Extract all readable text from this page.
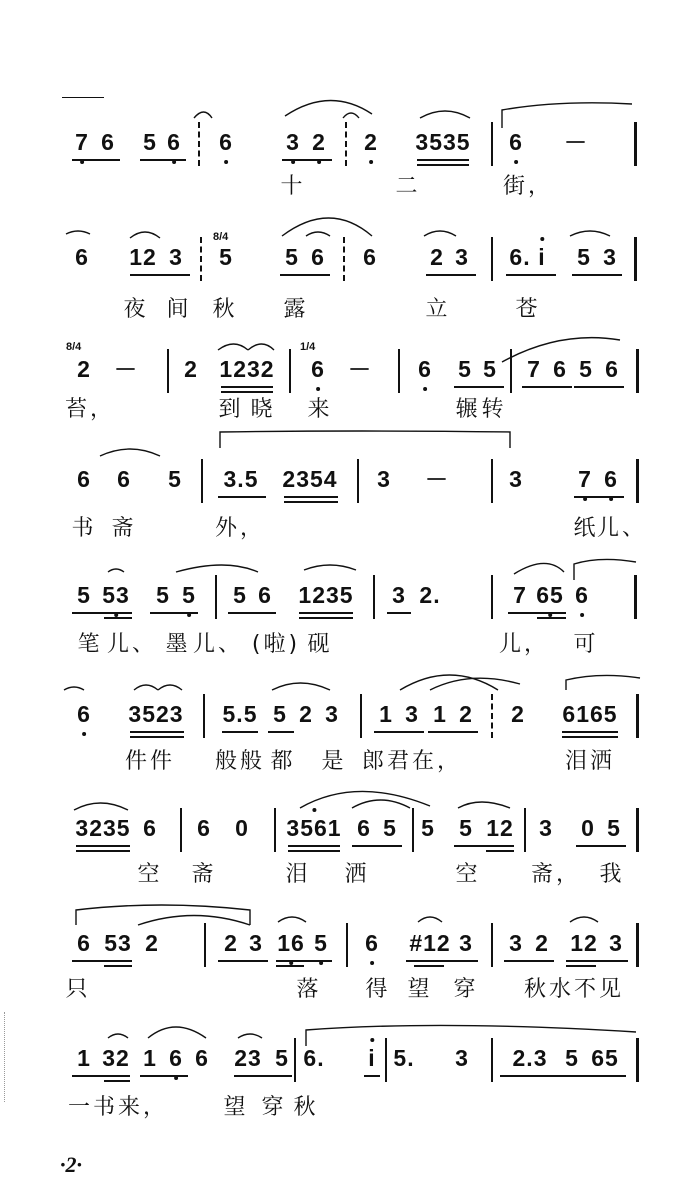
7 6 5 6 6 3 2 2 3535 6 －
十	二	街，
6 12 3 5 5 6 6 2 3 6. i 5 3
8/4
夜 间 秋 露	立	苍
2 － 2 1232 6 － 6 5 5 7 6 5 6
8/4	1/4
苔，	到 晓 来	辗 转
6 6 5 3.5 2354 3 －	3 7 6
书 斋	外，	纸
儿、
5 53 5 5 5 6 1235 3 2.	7 65 6
笔 儿、 墨 儿、 (啦) 砚	儿， 可
6 3523 5.5 5 2 3 1 3 1 2 2 6165
件件 般般 都 是 郎君在，	泪洒
3235 6 6 0 3561 6 5 5 5 12 3 0 5
空 斋	泪 洒	空 斋， 我
6 53 2	2 3 16 5 6 #12 3 3 2 12 3
只	落 得 望 穿 秋水不见
1 32 1 6 6 23 5 6. i 5. 3 2.3 5 65
一书来，	望 穿 秋
·2·
